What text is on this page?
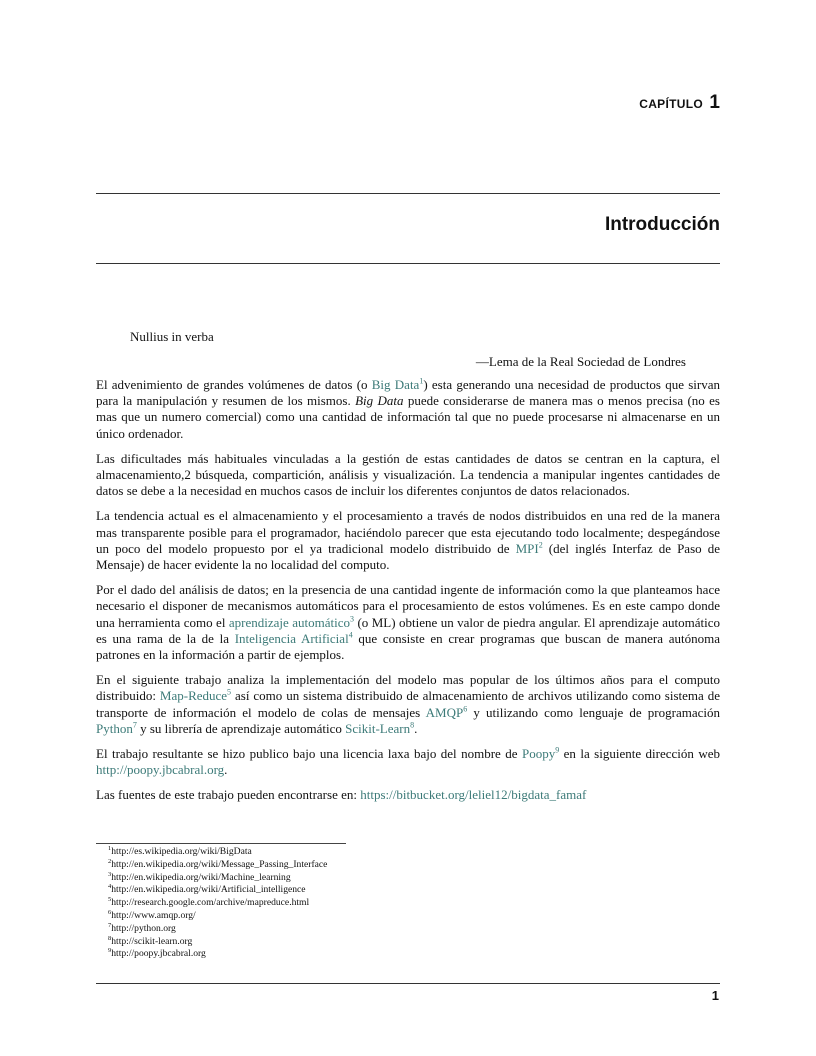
CAPÍTULO 1
Introducción
Nullius in verba
—Lema de la Real Sociedad de Londres

El advenimiento de grandes volúmenes de datos (o Big Data$^1$) esta generando una necesidad de productos que sirvan para la manipulación y resumen de los mismos. Big Data puede considerarse de manera mas o menos precisa (no es mas que un numero comercial) como una cantidad de información tal que no puede procesarse ni almacenarse en un único ordenador.

Las dificultades más habituales vinculadas a la gestión de estas cantidades de datos se centran en la captura, el almacenamiento,2 búsqueda, compartición, análisis y visualización. La tendencia a manipular ingentes cantidades de datos se debe a la necesidad en muchos casos de incluir los diferentes conjuntos de datos relacionados.

La tendencia actual es el almacenamiento y el procesamiento a través de nodos distribuidos en una red de la manera mas transparente posible para el programador, haciéndolo parecer que esta ejecutando todo localmente; despegándose un poco del modelo propuesto por el ya tradicional modelo distribuido de MPI$^2$ (del inglés Interfaz de Paso de Mensaje) de hacer evidente la no localidad del computo.

Por el dado del análisis de datos; en la presencia de una cantidad ingente de información como la que planteamos hace necesario el disponer de mecanismos automáticos para el procesamiento de estos volúmenes. Es en este campo donde una herramienta como el aprendizaje automático$^3$ (o ML) obtiene un valor de piedra angular. El aprendizaje automático es una rama de la de la Inteligencia Artificial$^4$ que consiste en crear programas que buscan de manera autónoma patrones en la información a partir de ejemplos.

En el siguiente trabajo analiza la implementación del modelo mas popular de los últimos años para el computo distribuido: Map-Reduce$^5$ así como un sistema distribuido de almacenamiento de archivos utilizando como sistema de transporte de información el modelo de colas de mensajes AMQP$^6$ y utilizando como lenguaje de programación Python$^7$ y su librería de aprendizaje automático Scikit-Learn$^8$.

El trabajo resultante se hizo publico bajo una licencia laxa bajo del nombre de Poopy$^9$ en la siguiente dirección web http://poopy.jbcabral.org.

Las fuentes de este trabajo pueden encontrarse en: https://bitbucket.org/leliel12/bigdata_famaf

$^1$http://es.wikipedia.org/wiki/BigData
$^2$http://en.wikipedia.org/wiki/Message_Passing_Interface
$^3$http://en.wikipedia.org/wiki/Machine_learning
$^4$http://en.wikipedia.org/wiki/Artificial_intelligence
$^5$http://research.google.com/archive/mapreduce.html
$^6$http://www.amqp.org/
$^7$http://python.org
$^8$http://scikit-learn.org
$^9$http://poopy.jbcabral.org
1
